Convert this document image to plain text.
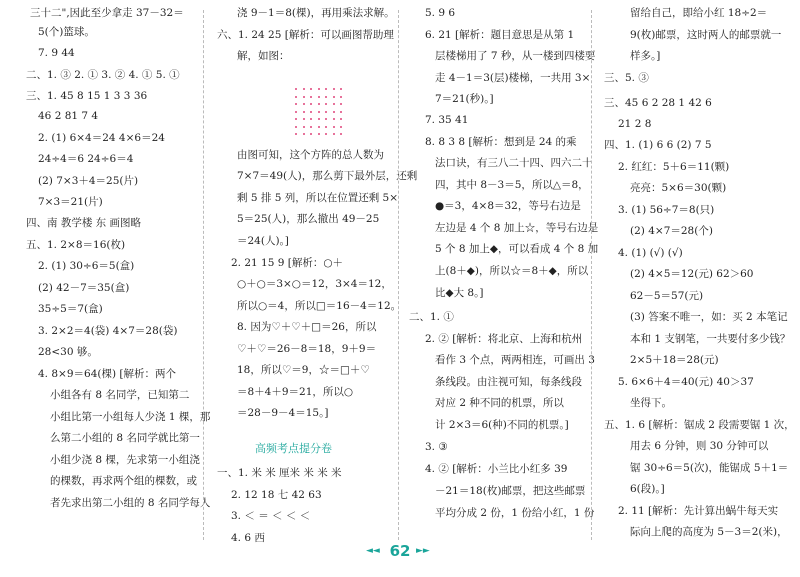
三十二",因此至少拿走 37－32＝
5(个)篮球。
7. 9 44
二、1. ③ 2. ① 3. ② 4. ① 5. ①
三、1. 45 8 15 1 3 3 36
46 2 81 7 4
2. (1) 6×4＝24 4×6＝24
24÷4＝6 24÷6＝4
(2) 7×3＋4＝25(片)
7×3＝21(片)
四、南 教学楼 东 画图略
五、1. 2×8＝16(枚)
2. (1) 30÷6＝5(盒)
(2) 42－7＝35(盒)
35÷5＝7(盒)
3. 2×2＝4(袋) 4×7＝28(袋)
28<30 够。
4. 8×9＝64(棵) [解析：两个
小组各有 8 名同学，已知第二
小组比第一小组每人少浇 1 棵，那
么第二小组的 8 名同学就比第一
小组少浇 8 棵，先求第一小组浇
的棵数，再求两个组的棵数，或
者先求出第二小组的 8 名同学每人
浇 9－1＝8(棵)，再用乘法求解。
六、1. 24 25 [解析：可以画图帮助理
解，如图：
由图可知，这个方阵的总人数为
7×7＝49(人)，那么剪下最外层，还剩
剩 5 排 5 列，所以在位置还剩 5×
5＝25(人)，那么撤出 49－25
＝24(人)。]
2. 21 15 9 [解析：○＋
○＋○＝3×○＝12，3×4＝12，
所以○＝4，所以□＝16－4＝12。
8. 因为♡＋♡＋□＝26，所以
♡＋♡＝26－8＝18，9＋9＝
18，所以♡＝9，☆＝□＋♡
＝8＋4＋9＝21，所以○
＝28－9－4＝15。]
一、1. 米 米 厘米 米 米 米
2. 12 18 七 42 63
3. ＜ ＝ ＜ ＜ ＜
4. 6 西
5. 9 6
6. 21 [解析：题目意思是从第 1
层楼梯用了 7 秒，从一楼到四楼要
走 4－1＝3(层)楼梯，一共用 3×
7＝21(秒)。]
7. 35 41
8. 8 3 8 [解析：想到是 24 的乘
法口诀，有三八二十四、四六二十
四，其中 8－3＝5，所以△＝8，
●＝3，4×8＝32，等号右边是
左边是 4 个 8 加上☆，等号右边是
5 个 8 加上◆，可以看成 4 个 8 加
上(8＋◆)，所以☆＝8＋◆，所以
比◆大 8。]
二、1. ①
2. ② [解析：将北京、上海和杭州
看作 3 个点，两两相连，可画出 3
条线段。由注视可知，每条线段
对应 2 种不同的机票，所以
计 2×3＝6(种)不同的机票。]
3. ③
4. ② [解析：小兰比小红多 39
－21＝18(枚)邮票，把这些邮票
平均分成 2 份，1 份给小红，1 份
留给自己，即给小红 18÷2＝
9(枚)邮票，这时两人的邮票就一
样多。]
三、5. ③
三、45 6 2 28 1 42 6
21 2 8
四、1. (1) 6 6 (2) 7 5
2. 红红：5＋6＝11(颗)
亮亮：5×6＝30(颗)
3. (1) 56÷7＝8(只)
(2) 4×7＝28(个)
4. (1) (√) (√)
(2) 4×5＝12(元) 62＞60
62－5＝57(元)
(3) 答案不唯一，如：买 2 本笔记
本和 1 支钢笔，一共要付多少钱？
2×5＋18＝28(元)
5. 6×6＋4＝40(元) 40＞37
坐得下。
五、1. 6 [解析：锯成 2 段需要锯 1 次，
用去 6 分钟，则 30 分钟可以
锯 30÷6＝5(次)，能锯成 5＋1＝
6(段)。]
2. 11 [解析：先计算出蜗牛每天实
际向上爬的高度为 5－3＝2(米)，
高频考点提分卷
◄◄ 62 ►►
